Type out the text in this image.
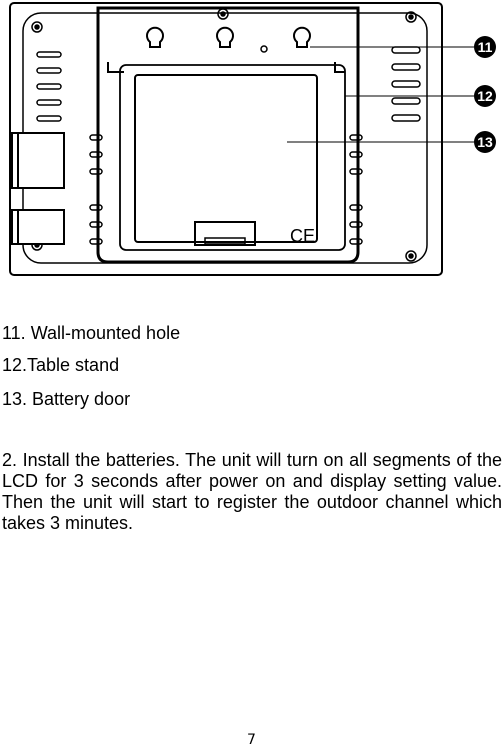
CE
11
12
13
11. Wall-mounted hole
12.Table stand
13. Battery door

2. Install the batteries. The unit will turn on all segments of the LCD for 3 seconds after power on and display setting value. Then the unit will start to register the outdoor channel which takes 3 minutes.

7
